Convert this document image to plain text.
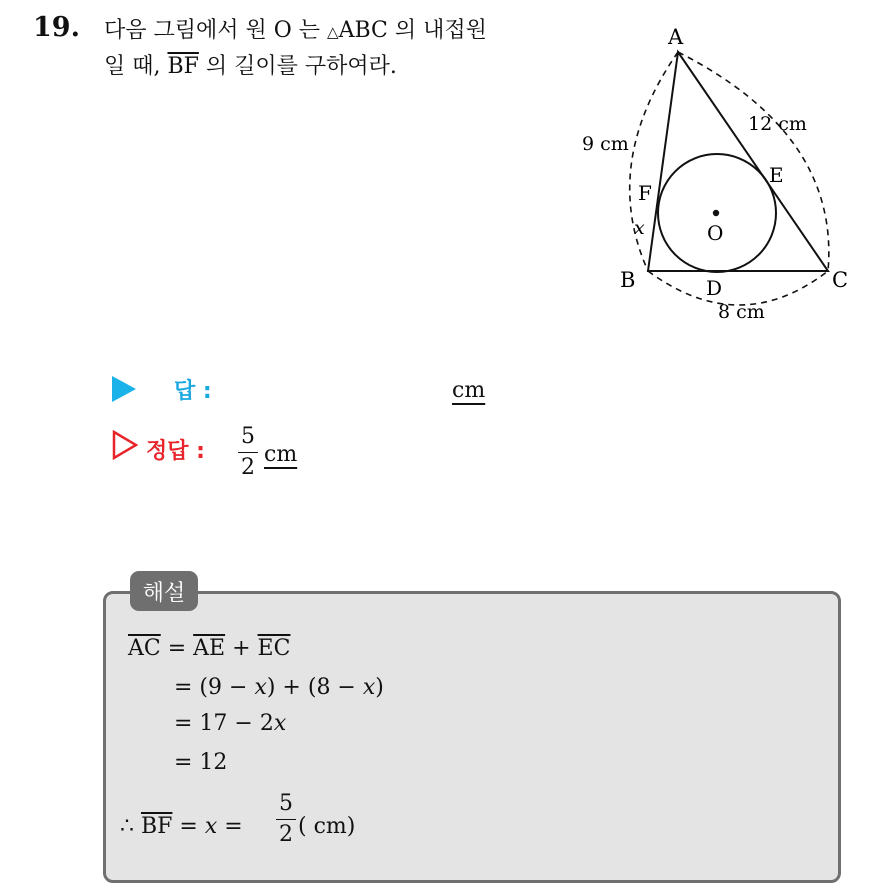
19. 다음 그림에서 원 O 는 △ABC 의 내접원
일 때, $\overline{BF}$ 의 길이를 구하여라.
A
B	C
D
E
F
O
x
9 cm
12 cm
8 cm
답 :	cm
정답 :
5
2
cm
해설
$\overline{AC} = \overline{AE} + \overline{EC}$
= (9 − x) + (8 − x)
= 17 − 2x
= 12
∴ $\overline{BF} = x$ =
5
2 ( cm)
